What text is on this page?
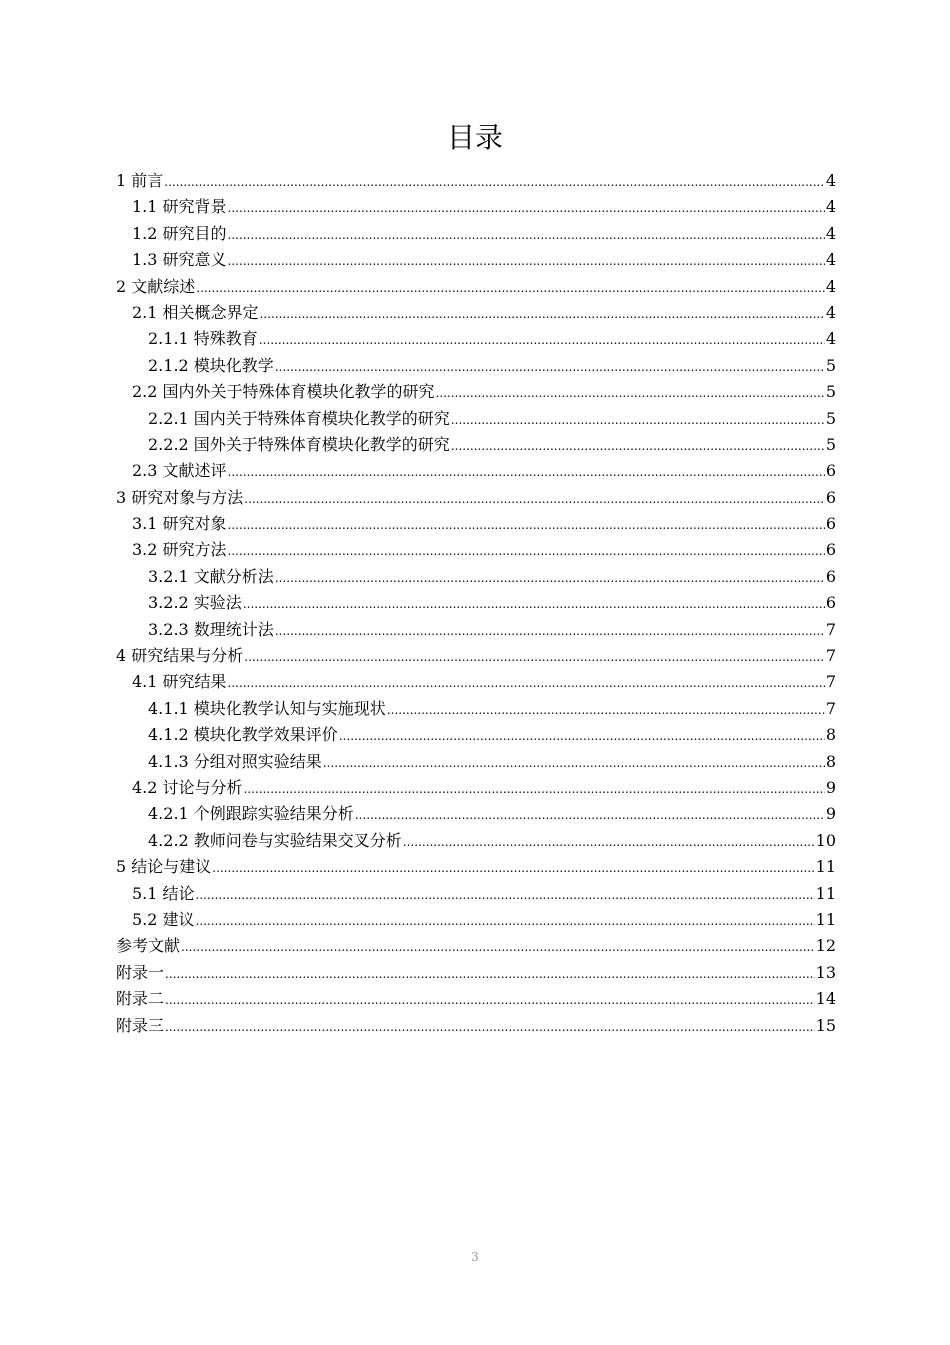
目录
1 前言 .....	4
1.1 研究背景 .....	4
1.2 研究目的 .....	4
1.3 研究意义 .....	4
2 文献综述 .....	4
2.1 相关概念界定 .....	4
2.1.1 特殊教育 .....	4
2.1.2 模块化教学 .....	5
2.2 国内外关于特殊体育模块化教学的研究 .....	5
2.2.1 国内关于特殊体育模块化教学的研究 .....	5
2.2.2 国外关于特殊体育模块化教学的研究 .....	5
2.3 文献述评 .....	6
3 研究对象与方法 .....	6
3.1 研究对象 .....	6
3.2 研究方法 .....	6
3.2.1 文献分析法 .....	6
3.2.2 实验法 .....	6
3.2.3 数理统计法 .....	7
4 研究结果与分析 .....	7
4.1 研究结果 .....	7
4.1.1 模块化教学认知与实施现状 .....	7
4.1.2 模块化教学效果评价 .....	8
4.1.3 分组对照实验结果 .....	8
4.2 讨论与分析 .....	9
4.2.1 个例跟踪实验结果分析 .....	9
4.2.2 教师问卷与实验结果交叉分析 .....	10
5 结论与建议 .....	11
5.1 结论 .....	11
5.2 建议 .....	11
参考文献 .....	12
附录一 .....	13
附录二 .....	14
附录三 .....	15
3
